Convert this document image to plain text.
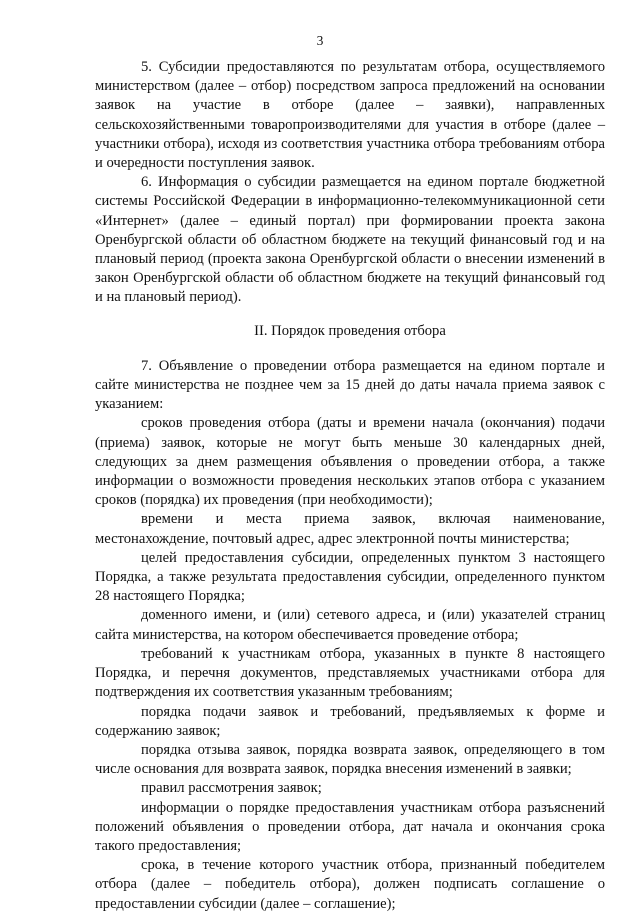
3

5. Субсидии предоставляются по результатам отбора, осуществляемого министерством (далее – отбор) посредством запроса предложений на основании заявок на участие в отборе (далее – заявки), направленных сельскохозяйственными товаропроизводителями для участия в отборе (далее – участники отбора), исходя из соответствия участника отбора требованиям отбора и очередности поступления заявок.

6. Информация о субсидии размещается на едином портале бюджетной системы Российской Федерации в информационно-телекоммуникационной сети «Интернет» (далее – единый портал) при формировании проекта закона Оренбургской области об областном бюджете на текущий финансовый год и на плановый период (проекта закона Оренбургской области о внесении изменений в закон Оренбургской области об областном бюджете на текущий финансовый год и на плановый период).

II. Порядок проведения отбора

7. Объявление о проведении отбора размещается на едином портале и сайте министерства не позднее чем за 15 дней до даты начала приема заявок с указанием:

сроков проведения отбора (даты и времени начала (окончания) подачи (приема) заявок, которые не могут быть меньше 30 календарных дней, следующих за днем размещения объявления о проведении отбора, а также информации о возможности проведения нескольких этапов отбора с указанием сроков (порядка) их проведения (при необходимости);

времени и места приема заявок, включая наименование, местонахождение, почтовый адрес, адрес электронной почты министерства;

целей предоставления субсидии, определенных пунктом 3 настоящего Порядка, а также результата предоставления субсидии, определенного пунктом 28 настоящего Порядка;

доменного имени, и (или) сетевого адреса, и (или) указателей страниц сайта министерства, на котором обеспечивается проведение отбора;

требований к участникам отбора, указанных в пункте 8 настоящего Порядка, и перечня документов, представляемых участниками отбора для подтверждения их соответствия указанным требованиям;

порядка подачи заявок и требований, предъявляемых к форме и содержанию заявок;

порядка отзыва заявок, порядка возврата заявок, определяющего в том числе основания для возврата заявок, порядка внесения изменений в заявки;

правил рассмотрения заявок;

информации о порядке предоставления участникам отбора разъяснений положений объявления о проведении отбора, дат начала и окончания срока такого предоставления;

срока, в течение которого участник отбора, признанный победителем отбора (далее – победитель отбора), должен подписать соглашение о предоставлении субсидии (далее – соглашение);
